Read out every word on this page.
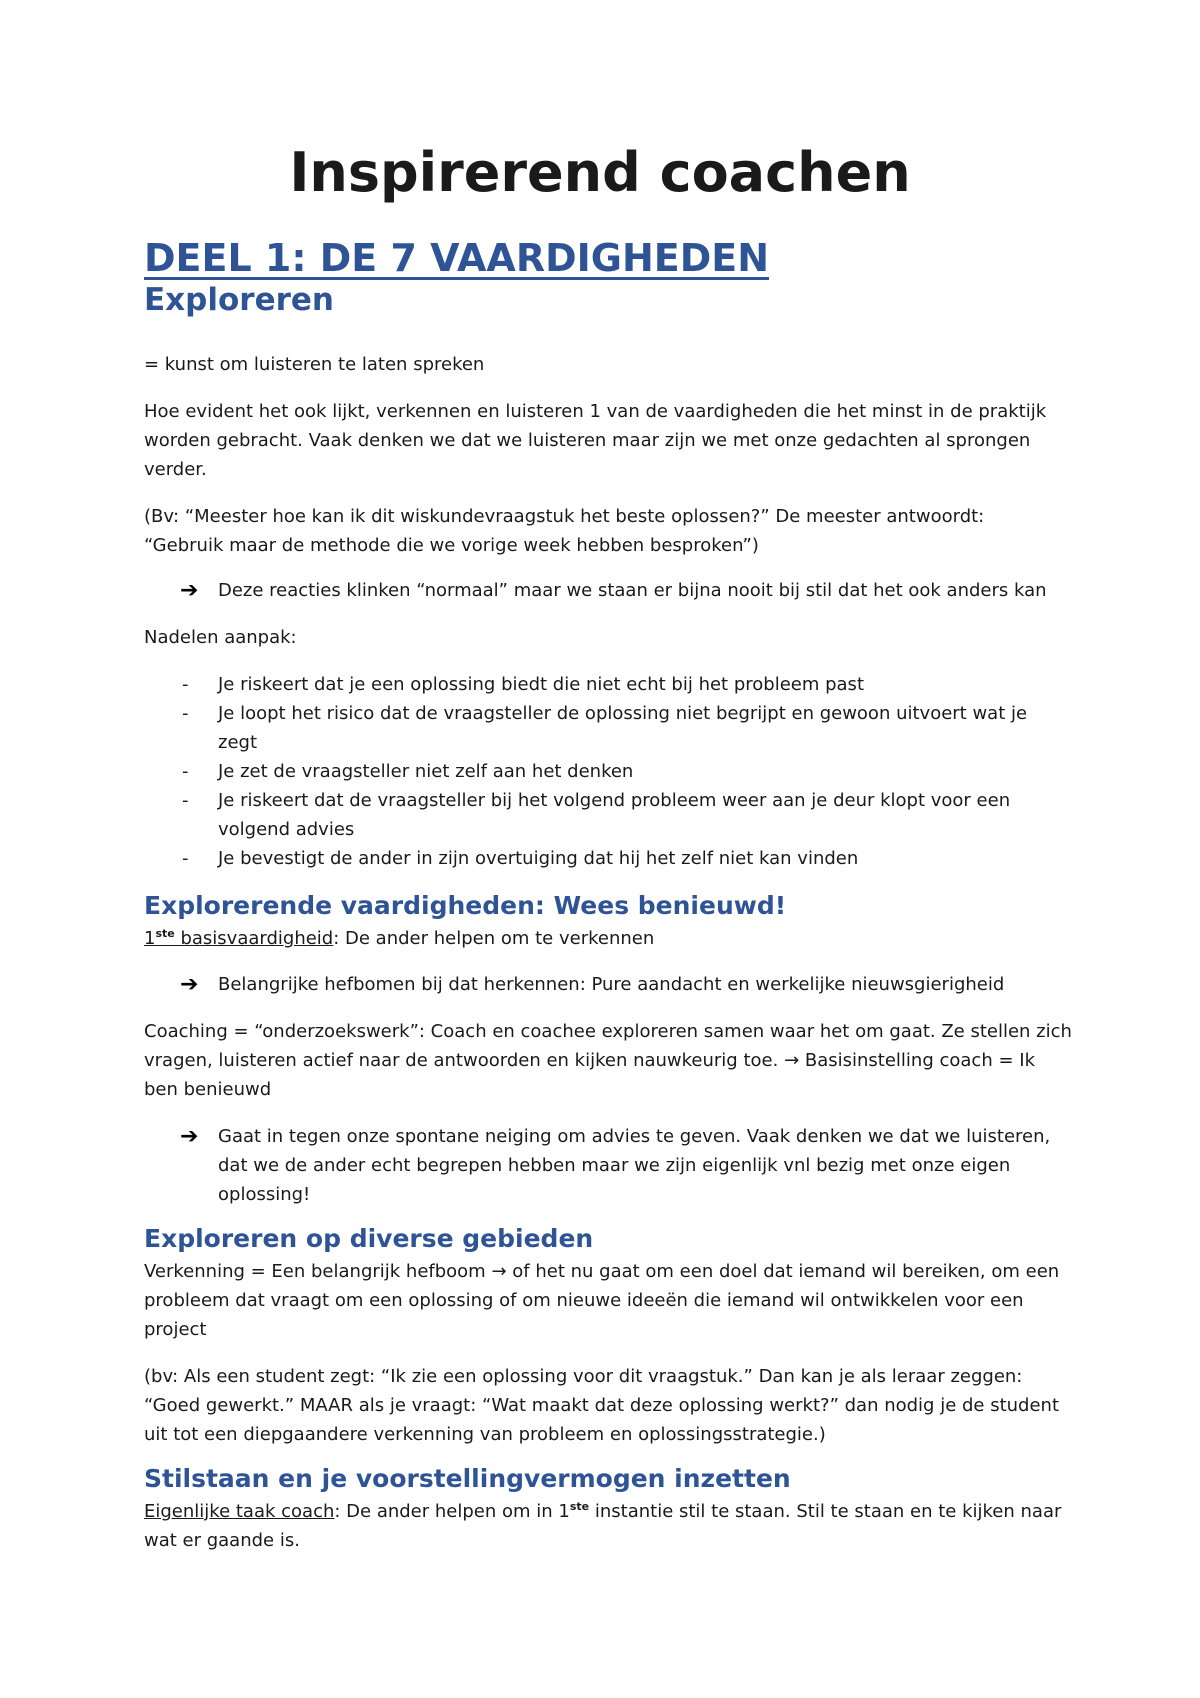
Inspirerend coachen
DEEL 1: DE 7 VAARDIGHEDEN
Exploreren

= kunst om luisteren te laten spreken

Hoe evident het ook lijkt, verkennen en luisteren 1 van de vaardigheden die het minst in de praktijk

worden gebracht. Vaak denken we dat we luisteren maar zijn we met onze gedachten al sprongen

verder.

(Bv: “Meester hoe kan ik dit wiskundevraagstuk het beste oplossen?” De meester antwoordt:

“Gebruik maar de methode die we vorige week hebben besproken”)

➔ Deze reacties klinken “normaal” maar we staan er bijna nooit bij stil dat het ook anders kan

Nadelen aanpak:

- Je riskeert dat je een oplossing biedt die niet echt bij het probleem past

- Je loopt het risico dat de vraagsteller de oplossing niet begrijpt en gewoon uitvoert wat je

zegt

- Je zet de vraagsteller niet zelf aan het denken

- Je riskeert dat de vraagsteller bij het volgend probleem weer aan je deur klopt voor een

volgend advies

- Je bevestigt de ander in zijn overtuiging dat hij het zelf niet kan vinden

Explorerende vaardigheden: Wees benieuwd!

1ste basisvaardigheid: De ander helpen om te verkennen

➔ Belangrijke hefbomen bij dat herkennen: Pure aandacht en werkelijke nieuwsgierigheid

Coaching = “onderzoekswerk”: Coach en coachee exploreren samen waar het om gaat. Ze stellen zich

vragen, luisteren actief naar de antwoorden en kijken nauwkeurig toe. → Basisinstelling coach = Ik

ben benieuwd

➔ Gaat in tegen onze spontane neiging om advies te geven. Vaak denken we dat we luisteren,

dat we de ander echt begrepen hebben maar we zijn eigenlijk vnl bezig met onze eigen

oplossing!

Exploreren op diverse gebieden

Verkenning = Een belangrijk hefboom → of het nu gaat om een doel dat iemand wil bereiken, om een

probleem dat vraagt om een oplossing of om nieuwe ideeën die iemand wil ontwikkelen voor een

project

(bv: Als een student zegt: “Ik zie een oplossing voor dit vraagstuk.” Dan kan je als leraar zeggen:

“Goed gewerkt.” MAAR als je vraagt: “Wat maakt dat deze oplossing werkt?” dan nodig je de student

uit tot een diepgaandere verkenning van probleem en oplossingsstrategie.)

Stilstaan en je voorstellingvermogen inzetten

Eigenlijke taak coach: De ander helpen om in 1ste instantie stil te staan. Stil te staan en te kijken naar

wat er gaande is.
